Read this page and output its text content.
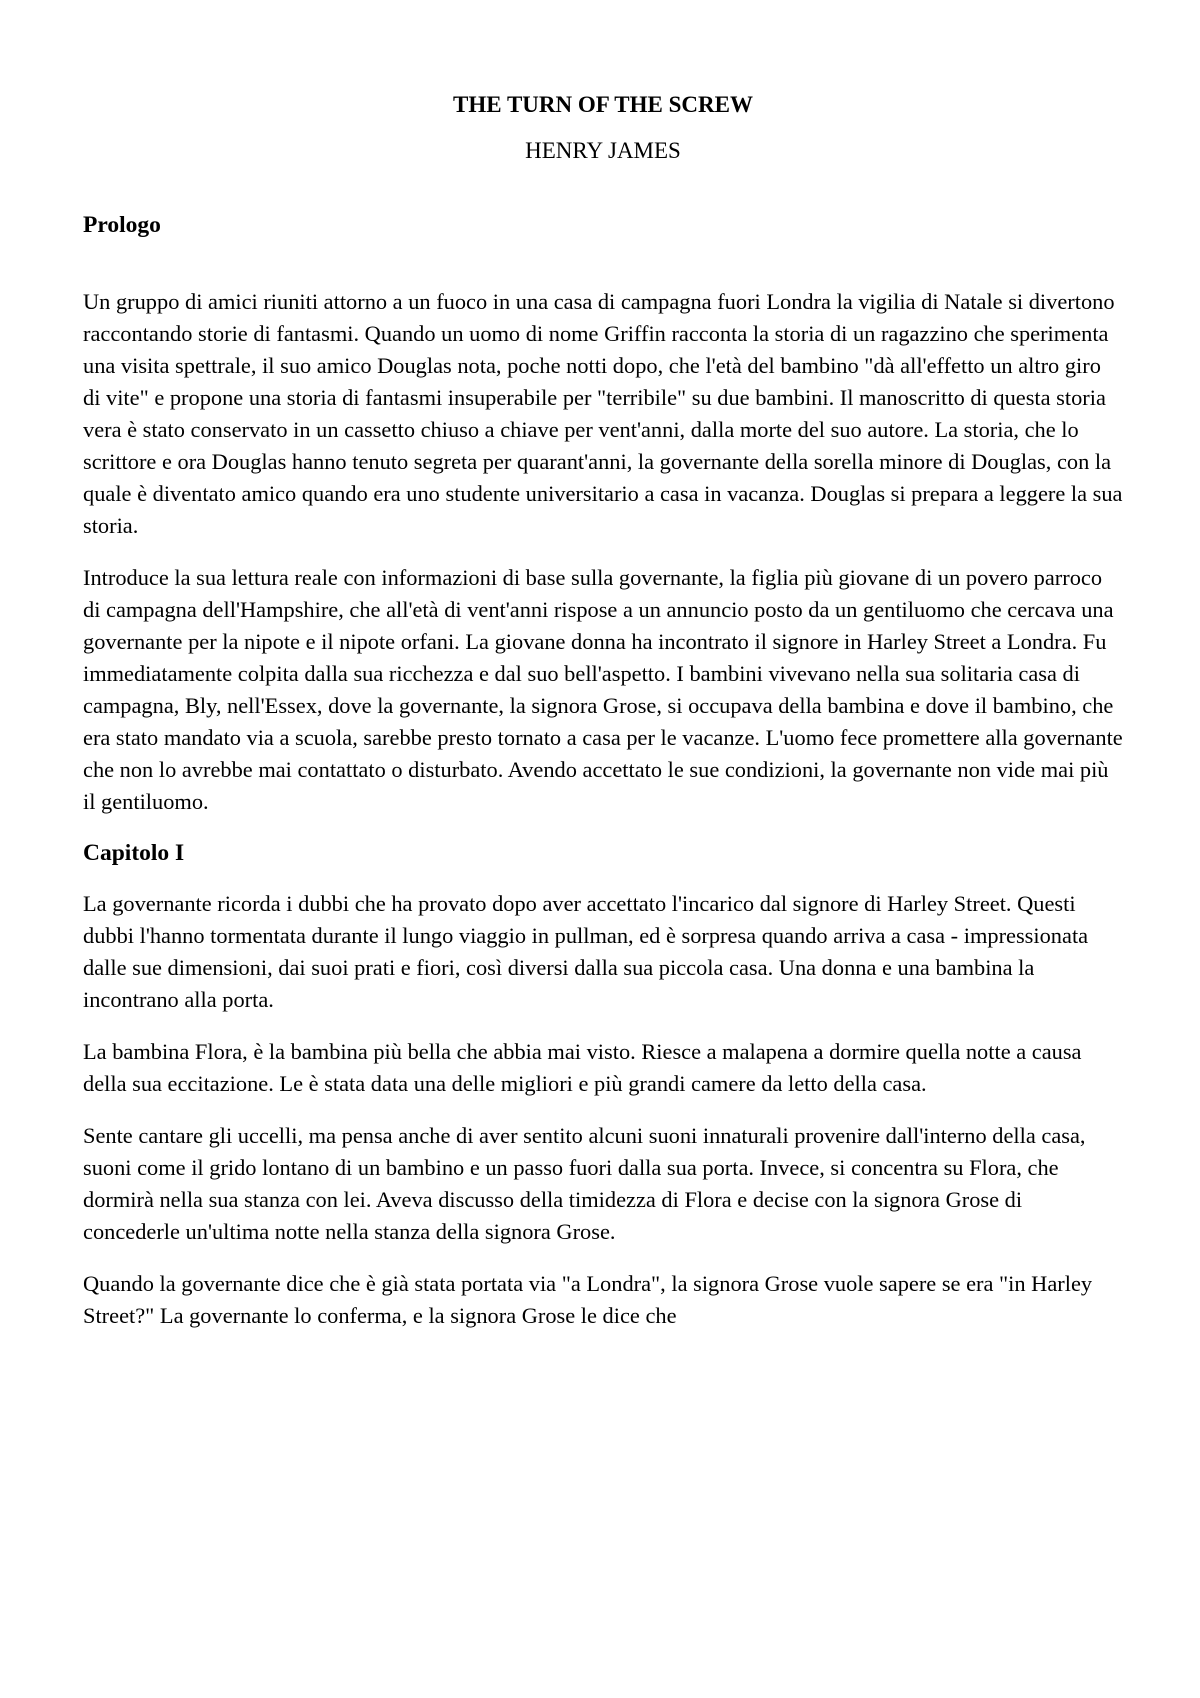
THE TURN OF THE SCREW
HENRY JAMES
Prologo

Un gruppo di amici riuniti attorno a un fuoco in una casa di campagna fuori Londra la vigilia di Natale si divertono raccontando storie di fantasmi. Quando un uomo di nome Griffin racconta la storia di un ragazzino che sperimenta una visita spettrale, il suo amico Douglas nota, poche notti dopo, che l'età del bambino "dà all'effetto un altro giro di vite" e propone una storia di fantasmi insuperabile per "terribile" su due bambini. Il manoscritto di questa storia vera è stato conservato in un cassetto chiuso a chiave per vent'anni, dalla morte del suo autore. La storia, che lo scrittore e ora Douglas hanno tenuto segreta per quarant'anni, la governante della sorella minore di Douglas, con la quale è diventato amico quando era uno studente universitario a casa in vacanza. Douglas si prepara a leggere la sua storia.

Introduce la sua lettura reale con informazioni di base sulla governante, la figlia più giovane di un povero parroco di campagna dell'Hampshire, che all'età di vent'anni rispose a un annuncio posto da un gentiluomo che cercava una governante per la nipote e il nipote orfani. La giovane donna ha incontrato il signore in Harley Street a Londra. Fu immediatamente colpita dalla sua ricchezza e dal suo bell'aspetto. I bambini vivevano nella sua solitaria casa di campagna, Bly, nell'Essex, dove la governante, la signora Grose, si occupava della bambina e dove il bambino, che era stato mandato via a scuola, sarebbe presto tornato a casa per le vacanze. L'uomo fece promettere alla governante che non lo avrebbe mai contattato o disturbato. Avendo accettato le sue condizioni, la governante non vide mai più il gentiluomo.

Capitolo I

La governante ricorda i dubbi che ha provato dopo aver accettato l'incarico dal signore di Harley Street. Questi dubbi l'hanno tormentata durante il lungo viaggio in pullman, ed è sorpresa quando arriva a casa - impressionata dalle sue dimensioni, dai suoi prati e fiori, così diversi dalla sua piccola casa. Una donna e una bambina la incontrano alla porta.

La bambina Flora, è la bambina più bella che abbia mai visto. Riesce a malapena a dormire quella notte a causa della sua eccitazione. Le è stata data una delle migliori e più grandi camere da letto della casa.

Sente cantare gli uccelli, ma pensa anche di aver sentito alcuni suoni innaturali provenire dall'interno della casa, suoni come il grido lontano di un bambino e un passo fuori dalla sua porta. Invece, si concentra su Flora, che dormirà nella sua stanza con lei. Aveva discusso della timidezza di Flora e decise con la signora Grose di concederle un'ultima notte nella stanza della signora Grose.

Quando la governante dice che è già stata portata via "a Londra", la signora Grose vuole sapere se era "in Harley Street?" La governante lo conferma, e la signora Grose le dice che
